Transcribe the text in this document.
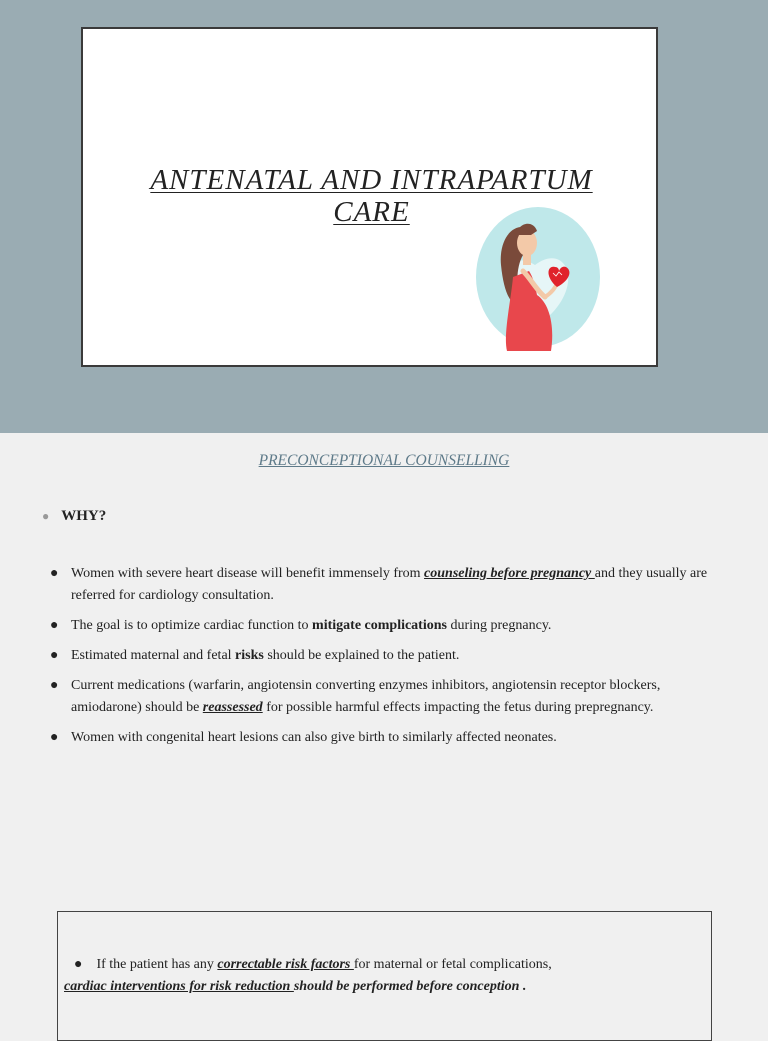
ANTENATAL AND INTRAPARTUM
CARE
PRECONCEPTIONAL COUNSELLING
● WHY?
● Women with severe heart disease will benefit immensely from counseling before pregnancy and they usually are referred for cardiology consultation.
● The goal is to optimize cardiac function to mitigate complications during pregnancy.
● Estimated maternal and fetal risks should be explained to the patient.
● Current medications (warfarin, angiotensin converting enzymes inhibitors, angiotensin receptor blockers, amiodarone) should be reassessed for possible harmful effects impacting the fetus during prepregnancy.
● Women with congenital heart lesions can also give birth to similarly affected neonates.

● If the patient has any correctable risk factors for maternal or fetal complications,

cardiac interventions for risk reduction should be performed before conception .
